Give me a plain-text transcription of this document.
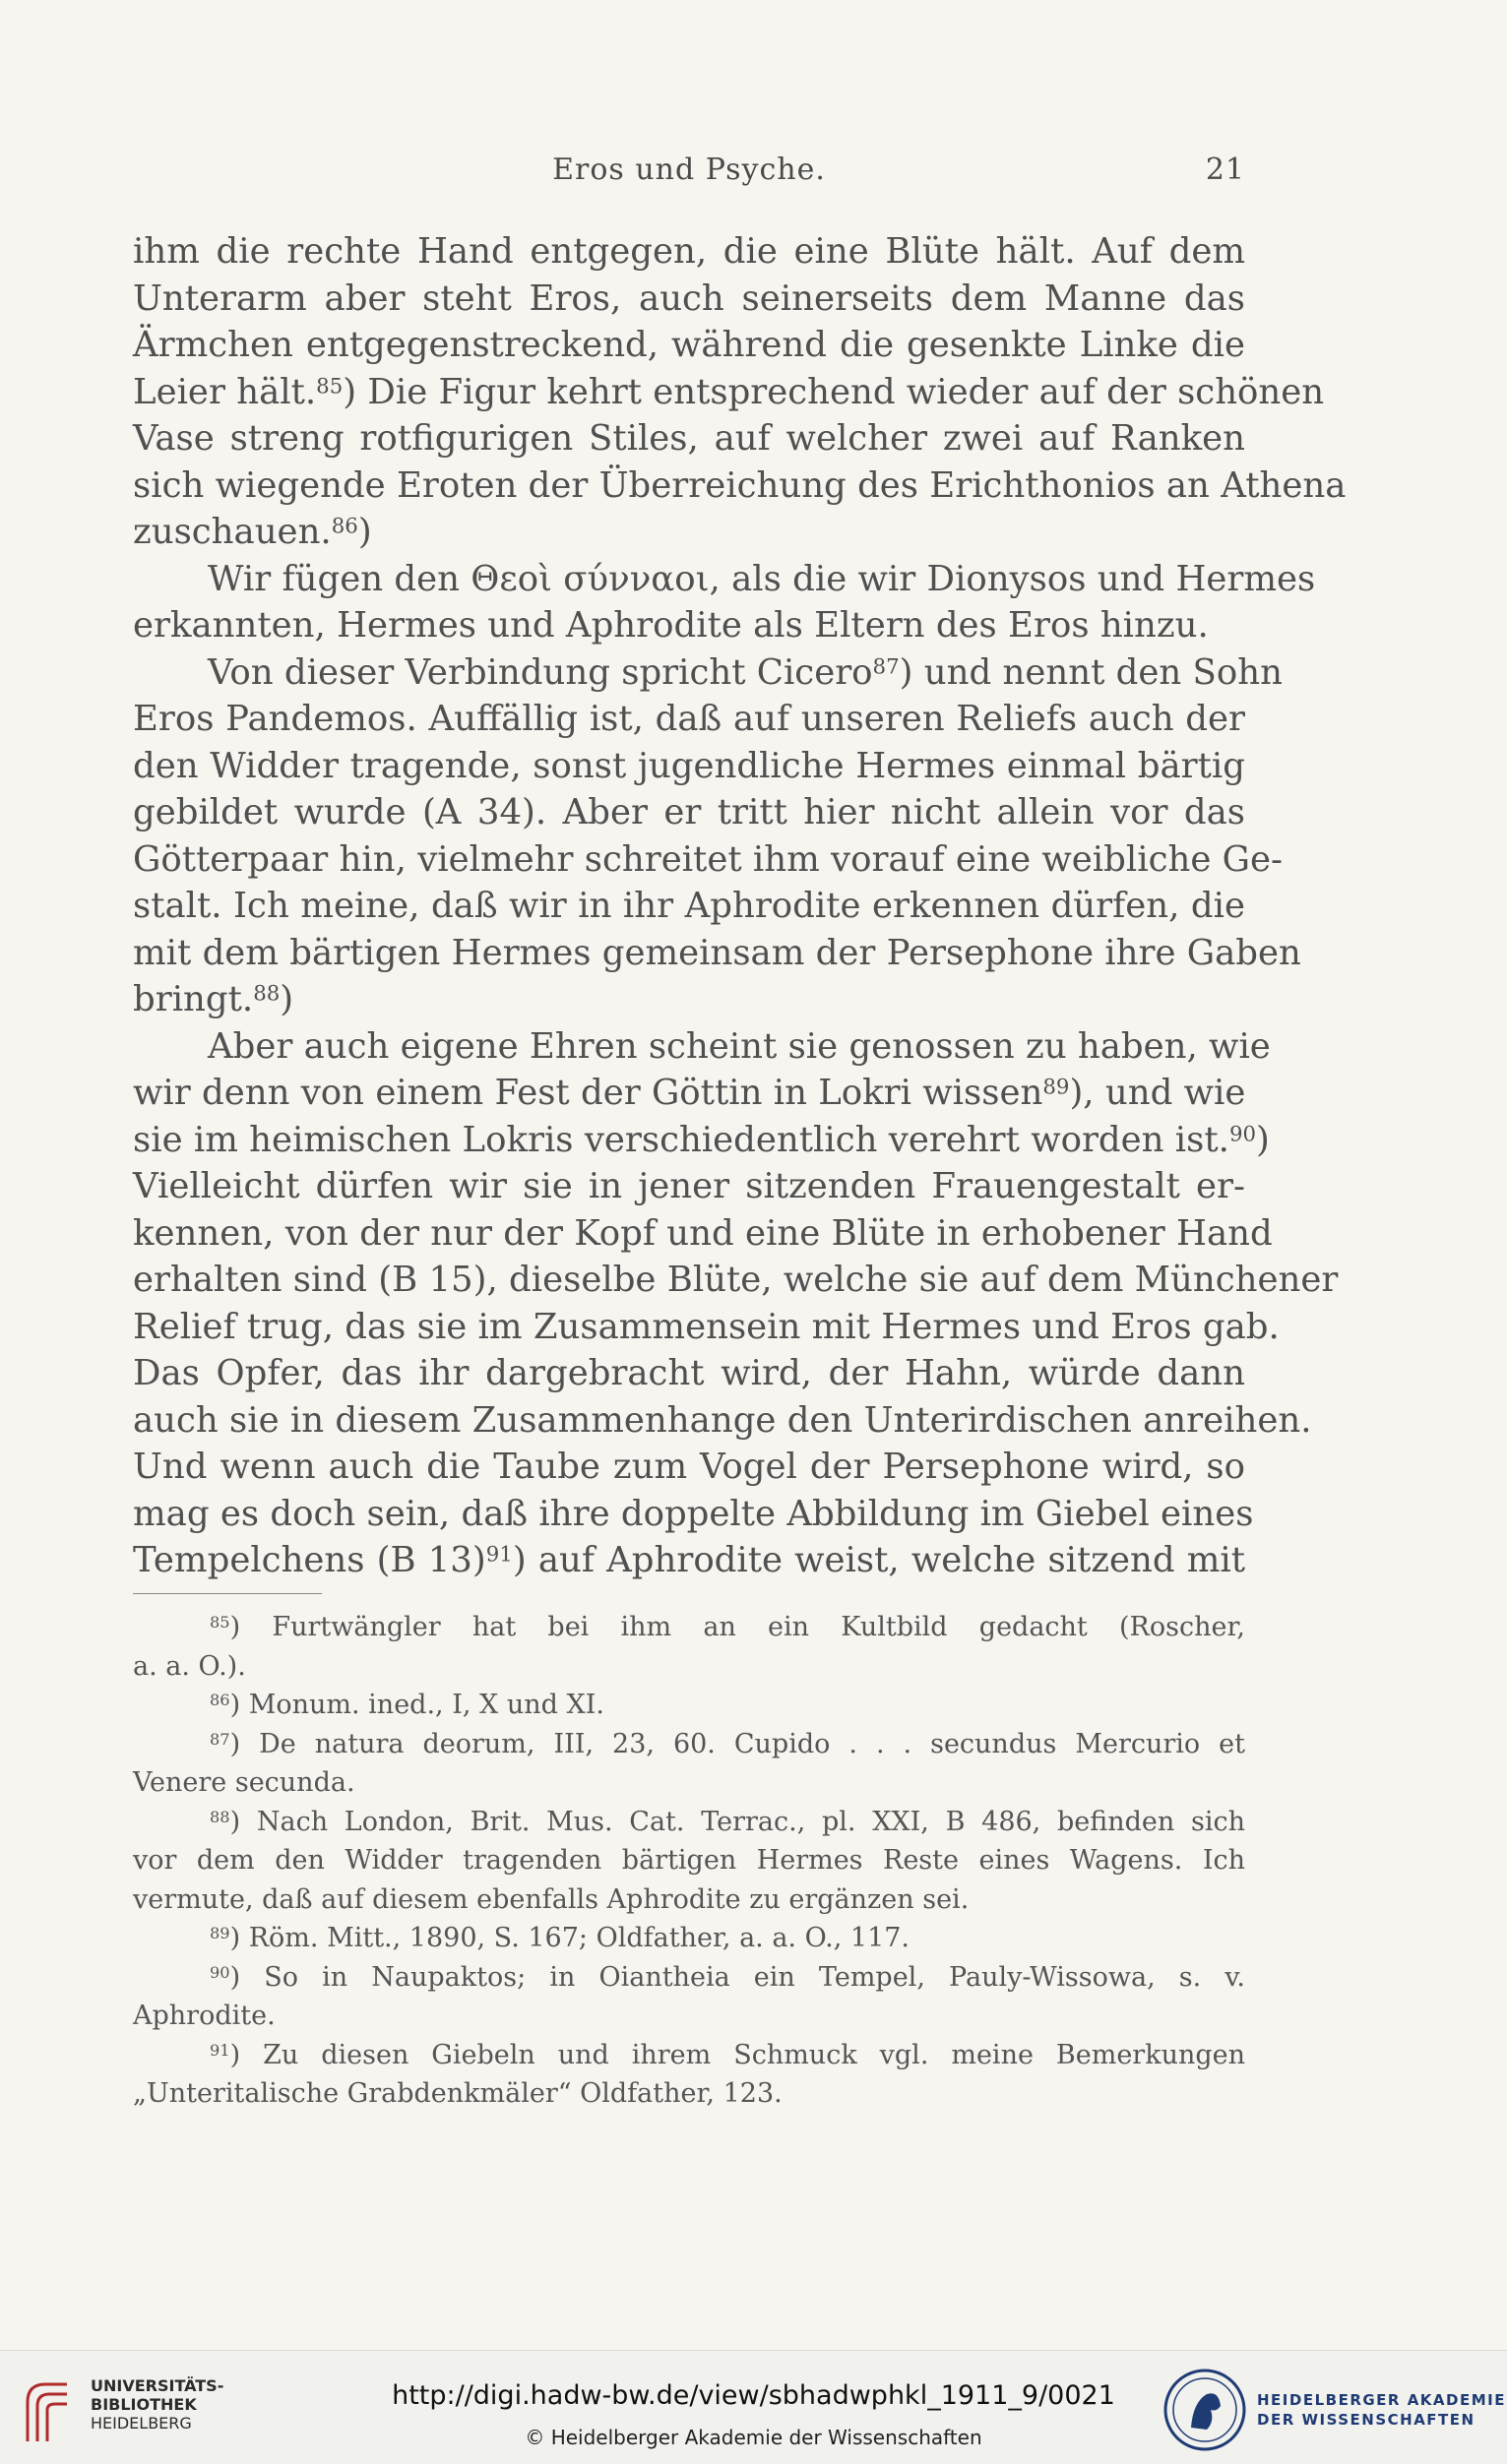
Eros und Psyche.	21
ihm die rechte Hand entgegen, die eine Blüte hält. Auf dem
Unterarm aber steht Eros, auch seinerseits dem Manne das
Ärmchen entgegenstreckend, während die gesenkte Linke die
Leier hält.$^{85}$) Die Figur kehrt entsprechend wieder auf der schönen
Vase streng rotfigurigen Stiles, auf welcher zwei auf Ranken
sich wiegende Eroten der Überreichung des Erichthonios an Athena
zuschauen.$^{86}$)
Wir fügen den Θεοὶ σύνναοι, als die wir Dionysos und Hermes
erkannten, Hermes und Aphrodite als Eltern des Eros hinzu.
Von dieser Verbindung spricht Cicero$^{87}$) und nennt den Sohn
Eros Pandemos. Auffällig ist, daß auf unseren Reliefs auch der
den Widder tragende, sonst jugendliche Hermes einmal bärtig
gebildet wurde (A 34). Aber er tritt hier nicht allein vor das
Götterpaar hin, vielmehr schreitet ihm vorauf eine weibliche Ge-
stalt. Ich meine, daß wir in ihr Aphrodite erkennen dürfen, die
mit dem bärtigen Hermes gemeinsam der Persephone ihre Gaben
bringt.$^{88}$)
Aber auch eigene Ehren scheint sie genossen zu haben, wie
wir denn von einem Fest der Göttin in Lokri wissen$^{89}$), und wie
sie im heimischen Lokris verschiedentlich verehrt worden ist.$^{90}$)
Vielleicht dürfen wir sie in jener sitzenden Frauengestalt er-
kennen, von der nur der Kopf und eine Blüte in erhobener Hand
erhalten sind (B 15), dieselbe Blüte, welche sie auf dem Münchener
Relief trug, das sie im Zusammensein mit Hermes und Eros gab.
Das Opfer, das ihr dargebracht wird, der Hahn, würde dann
auch sie in diesem Zusammenhange den Unterirdischen anreihen.
Und wenn auch die Taube zum Vogel der Persephone wird, so
mag es doch sein, daß ihre doppelte Abbildung im Giebel eines
Tempelchens (B 13)$^{91}$) auf Aphrodite weist, welche sitzend mit
$^{85}$) Furtwängler hat bei ihm an ein Kultbild gedacht (Roscher,
a. a. O.).
$^{86}$) Monum. ined., I, X und XI.
$^{87}$) De natura deorum, III, 23, 60. Cupido . . . secundus Mercurio et
Venere secunda.
$^{88}$) Nach London, Brit. Mus. Cat. Terrac., pl. XXI, B 486, befinden sich
vor dem den Widder tragenden bärtigen Hermes Reste eines Wagens. Ich
vermute, daß auf diesem ebenfalls Aphrodite zu ergänzen sei.
$^{89}$) Röm. Mitt., 1890, S. 167; Oldfather, a. a. O., 117.
$^{90}$) So in Naupaktos; in Oiantheia ein Tempel, Pauly-Wissowa, s. v.
Aphrodite.
$^{91}$) Zu diesen Giebeln und ihrem Schmuck vgl. meine Bemerkungen
„Unteritalische Grabdenkmäler“ Oldfather, 123.
UNIVERSITÄTS-
BIBLIOTHEK
HEIDELBERG
http://digi.hadw-bw.de/view/sbhadwphkl_1911_9/0021
© Heidelberger Akademie der Wissenschaften
HEIDELBERGER AKADEMIE
DER WISSENSCHAFTEN
